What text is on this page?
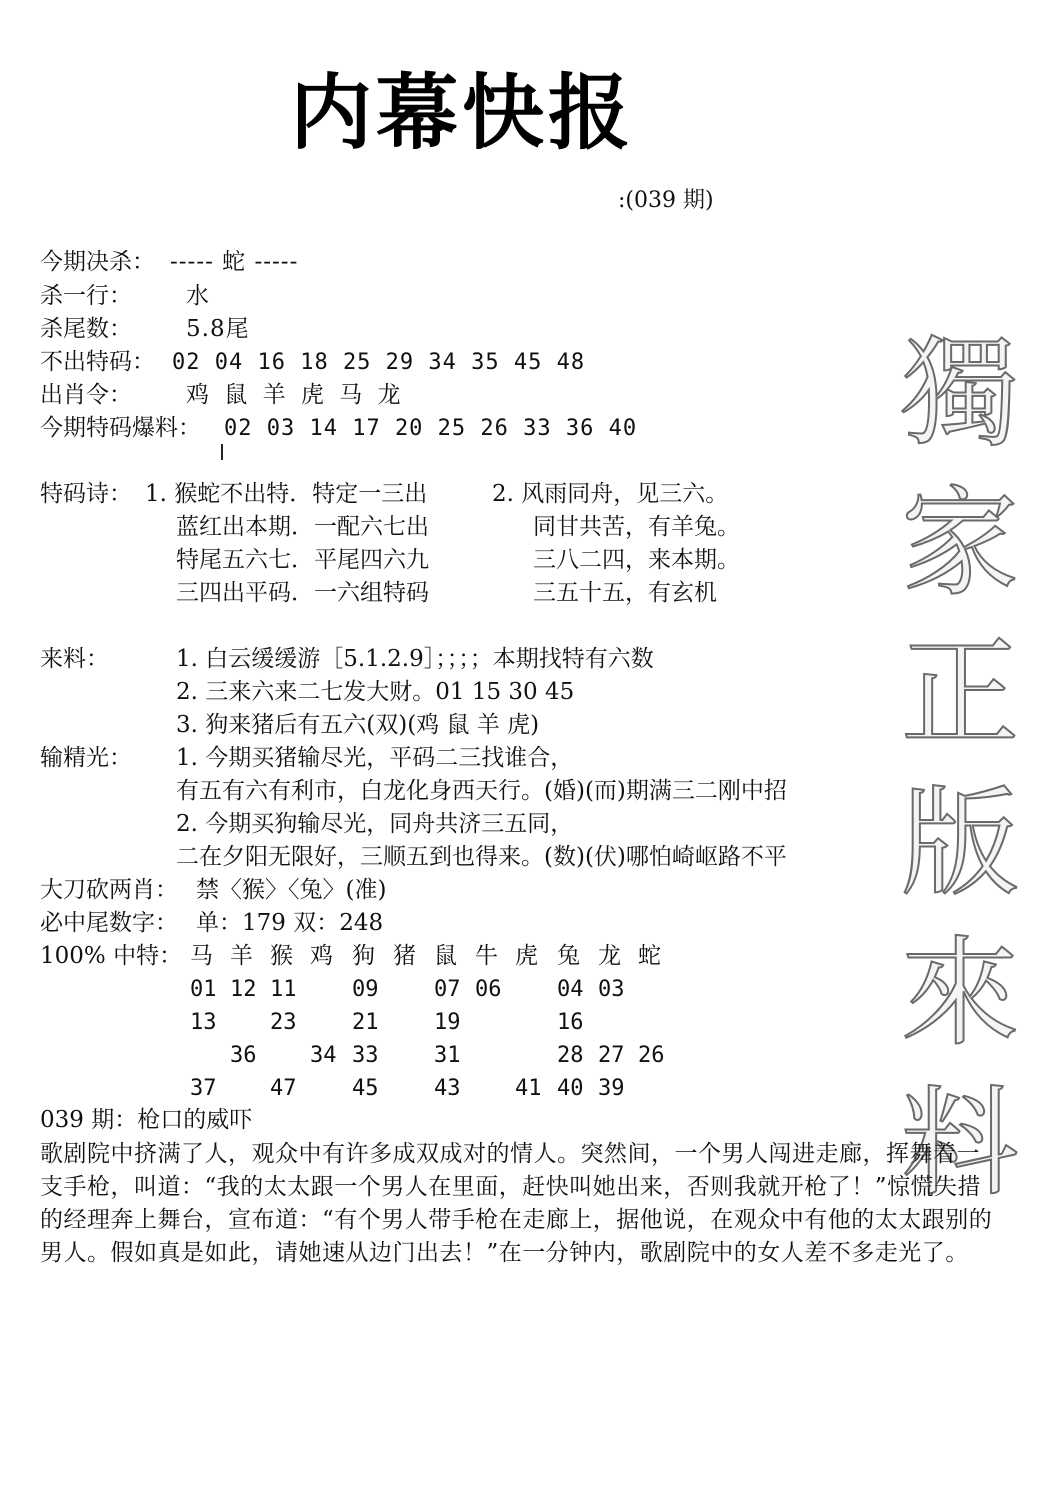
内幕快报
:(039 期)
獨
家
正
版
來
料
今期决杀： ----- 蛇 -----
杀一行： 水
杀尾数： 5.8尾
不出特码： 02 04 16 18 25 29 34 35 45 48
出肖令： 鸡 鼠 羊 虎 马 龙
今期特码爆料： 02 03 14 17 20 25 26 33 36 40
特码诗： 1. 猴蛇不出特．特定一三出
蓝红出本期．一配六七出
特尾五六七．平尾四六九
三四出平码．一六组特码
2. 风雨同舟，见三六。
同甘共苦，有羊兔。
三八二四，来本期。
三五十五，有玄机
来料：	1. 白云缓缓游［5.1.2.9］；；；；本期找特有六数
2. 三来六来二七发大财。01 15 30 45
3. 狗来猪后有五六(双)(鸡 鼠 羊 虎)
输精光： 1. 今期买猪输尽光，平码二三找谁合，
有五有六有利市，白龙化身西天行。(婚)(而)期满三二刚中招
2. 今期买狗输尽光，同舟共济三五同，
二在夕阳无限好，三顺五到也得来。(数)(伏)哪怕崎岖路不平
大刀砍两肖： 禁〈猴〉〈兔〉(准)
必中尾数字： 单：179 双：248
100% 中特： 马 羊 猴 鸡 狗 猪 鼠 牛 虎 兔 龙 蛇
01 12 11	09	07 06	04 03
13 23	21	19	16
36 34 33	31	28 27 26
37 47	45	43 41 40 39
039 期：枪口的威吓
歌剧院中挤满了人，观众中有许多成双成对的情人。突然间，一个男人闯进走廊，挥舞着一支手枪，叫道：“我的太太跟一个男人在里面，赶快叫她出来，否则我就开枪了！”惊慌失措的经理奔上舞台，宣布道：“有个男人带手枪在走廊上，据他说，在观众中有他的太太跟别的男人。假如真是如此，请她速从边门出去！”在一分钟内，歌剧院中的女人差不多走光了。
